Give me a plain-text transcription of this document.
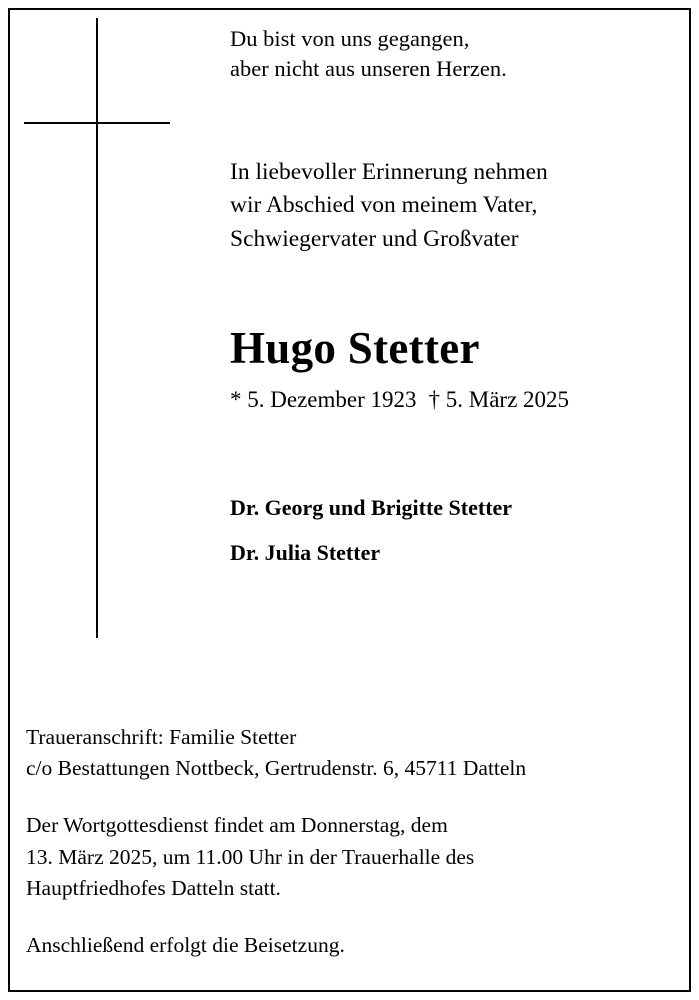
Du bist von uns gegangen,
aber nicht aus unseren Herzen.
In liebevoller Erinnerung nehmen
wir Abschied von meinem Vater,
Schwiegervater und Großvater
Hugo Stetter
* 5. Dezember 1923 † 5. März 2025
Dr. Georg und Brigitte Stetter
Dr. Julia Stetter
Traueranschrift: Familie Stetter
c/o Bestattungen Nottbeck, Gertrudenstr. 6, 45711 Datteln
Der Wortgottesdienst findet am Donnerstag, dem
13. März 2025, um 11.00 Uhr in der Trauerhalle des
Hauptfriedhofes Datteln statt.
Anschließend erfolgt die Beisetzung.
